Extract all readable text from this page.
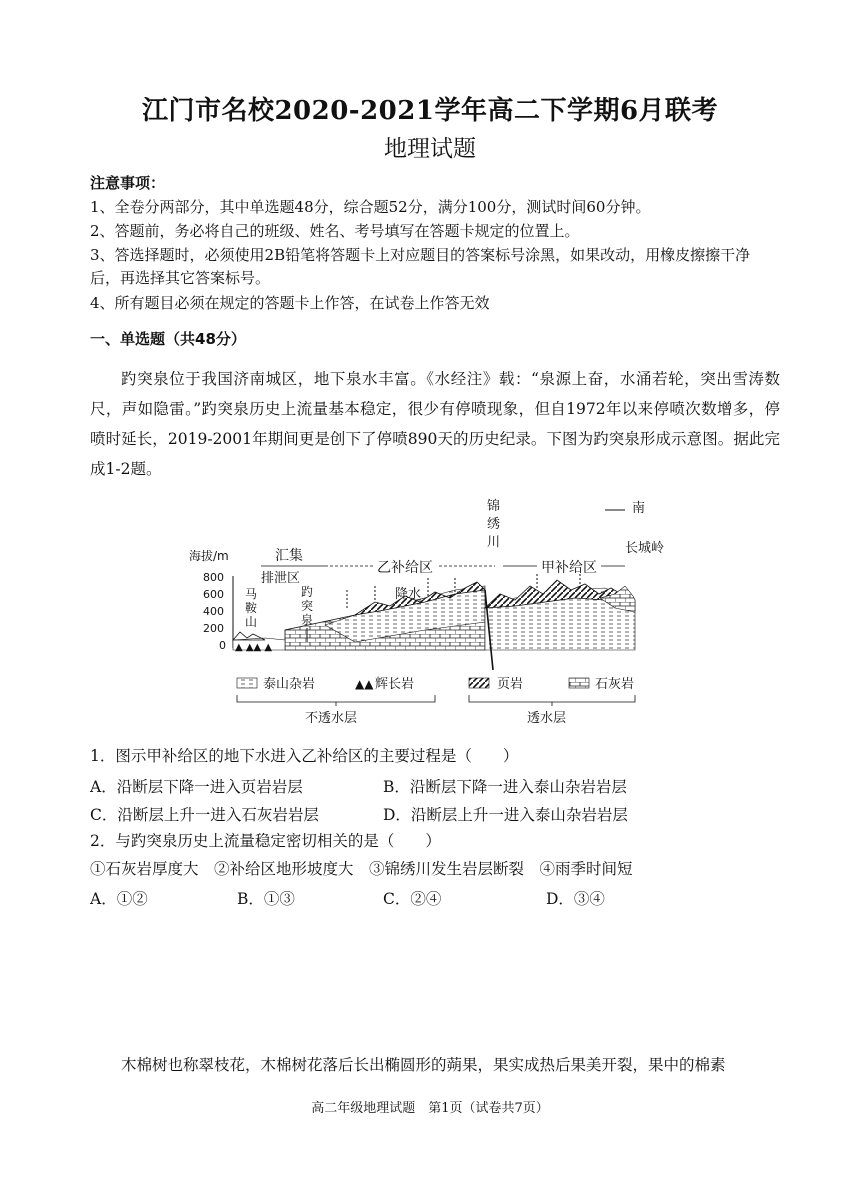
江门市名校2020-2021学年高二下学期6月联考
地理试题
注意事项：
1、全卷分两部分，其中单选题48分，综合题52分，满分100分，测试时间60分钟。
2、答题前，务必将自己的班级、姓名、考号填写在答题卡规定的位置上。
3、答选择题时，必须使用2B铅笔将答题卡上对应题目的答案标号涂黑，如果改动，用橡皮擦擦干净后，再选择其它答案标号。
4、所有题目必须在规定的答题卡上作答，在试卷上作答无效
一、单选题（共48分）
趵突泉位于我国济南城区，地下泉水丰富。《水经注》载：“泉源上奋，水涌若轮，突出雪涛数尺，声如隐雷。”趵突泉历史上流量基本稳定，很少有停喷现象，但自1972年以来停喷次数增多，停喷时延长，2019-2001年期间更是创下了停喷890天的历史纪录。下图为趵突泉形成示意图。据此完成1-2题。
南
锦
绣
川	长城岭
海拔/m
800
600
400
200
0
汇集
排泄区
乙补给区	甲补给区
▲ ▲▲ ▲
马
鞍
山
趵
突
泉
降水
泰山杂岩	▲▲ 辉长岩	页岩	石灰岩
不透水层	透水层
1．图示甲补给区的地下水进入乙补给区的主要过程是（　　）
A．沿断层下降一进入页岩岩层	B．沿断层下降一进入泰山杂岩岩层
C．沿断层上升一进入石灰岩岩层	D．沿断层上升一进入泰山杂岩岩层
2．与趵突泉历史上流量稳定密切相关的是（　　）
①石灰岩厚度大　②补给区地形坡度大　③锦绣川发生岩层断裂　④雨季时间短
A．①②	B．①③	C．②④	D．③④
木棉树也称翠枝花，木棉树花落后长出椭圆形的蒴果，果实成热后果美开裂，果中的棉素
高二年级地理试题　第1页（试卷共7页）
